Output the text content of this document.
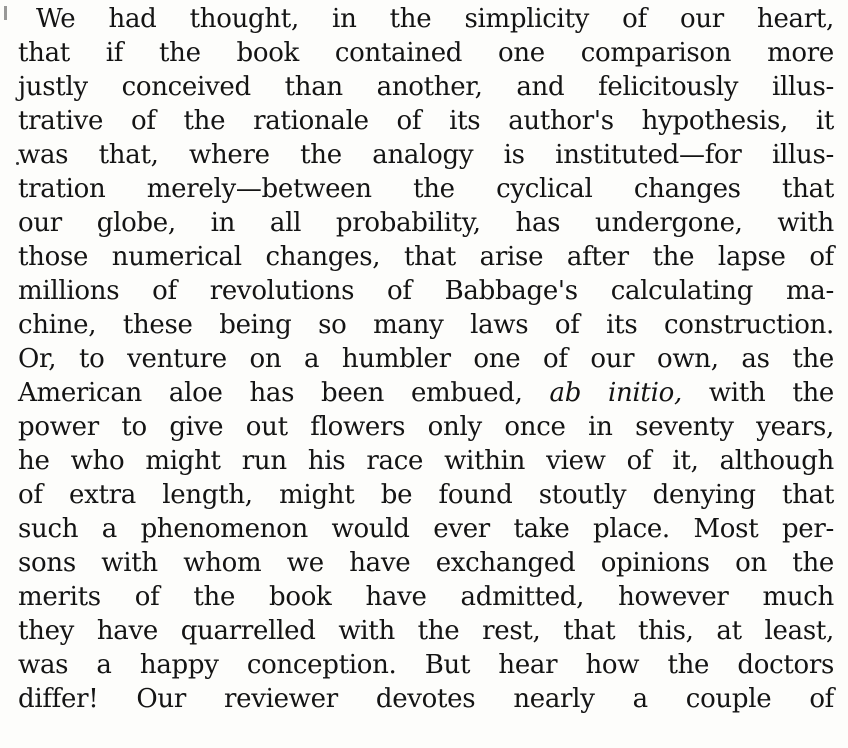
We had thought, in the simplicity of our heart,
that if the book contained one comparison more
justly conceived than another, and felicitously illus-
trative of the rationale of its author's hypothesis, it
was that, where the analogy is instituted—for illus-
tration merely—between the cyclical changes that
our globe, in all probability, has undergone, with
those numerical changes, that arise after the lapse of
millions of revolutions of Babbage's calculating ma-
chine, these being so many laws of its construction.
Or, to venture on a humbler one of our own, as the
American aloe has been embued, ab initio, with the
power to give out flowers only once in seventy years,
he who might run his race within view of it, although
of extra length, might be found stoutly denying that
such a phenomenon would ever take place. Most per-
sons with whom we have exchanged opinions on the
merits of the book have admitted, however much
they have quarrelled with the rest, that this, at least,
was a happy conception. But hear how the doctors
differ! Our reviewer devotes nearly a couple of
